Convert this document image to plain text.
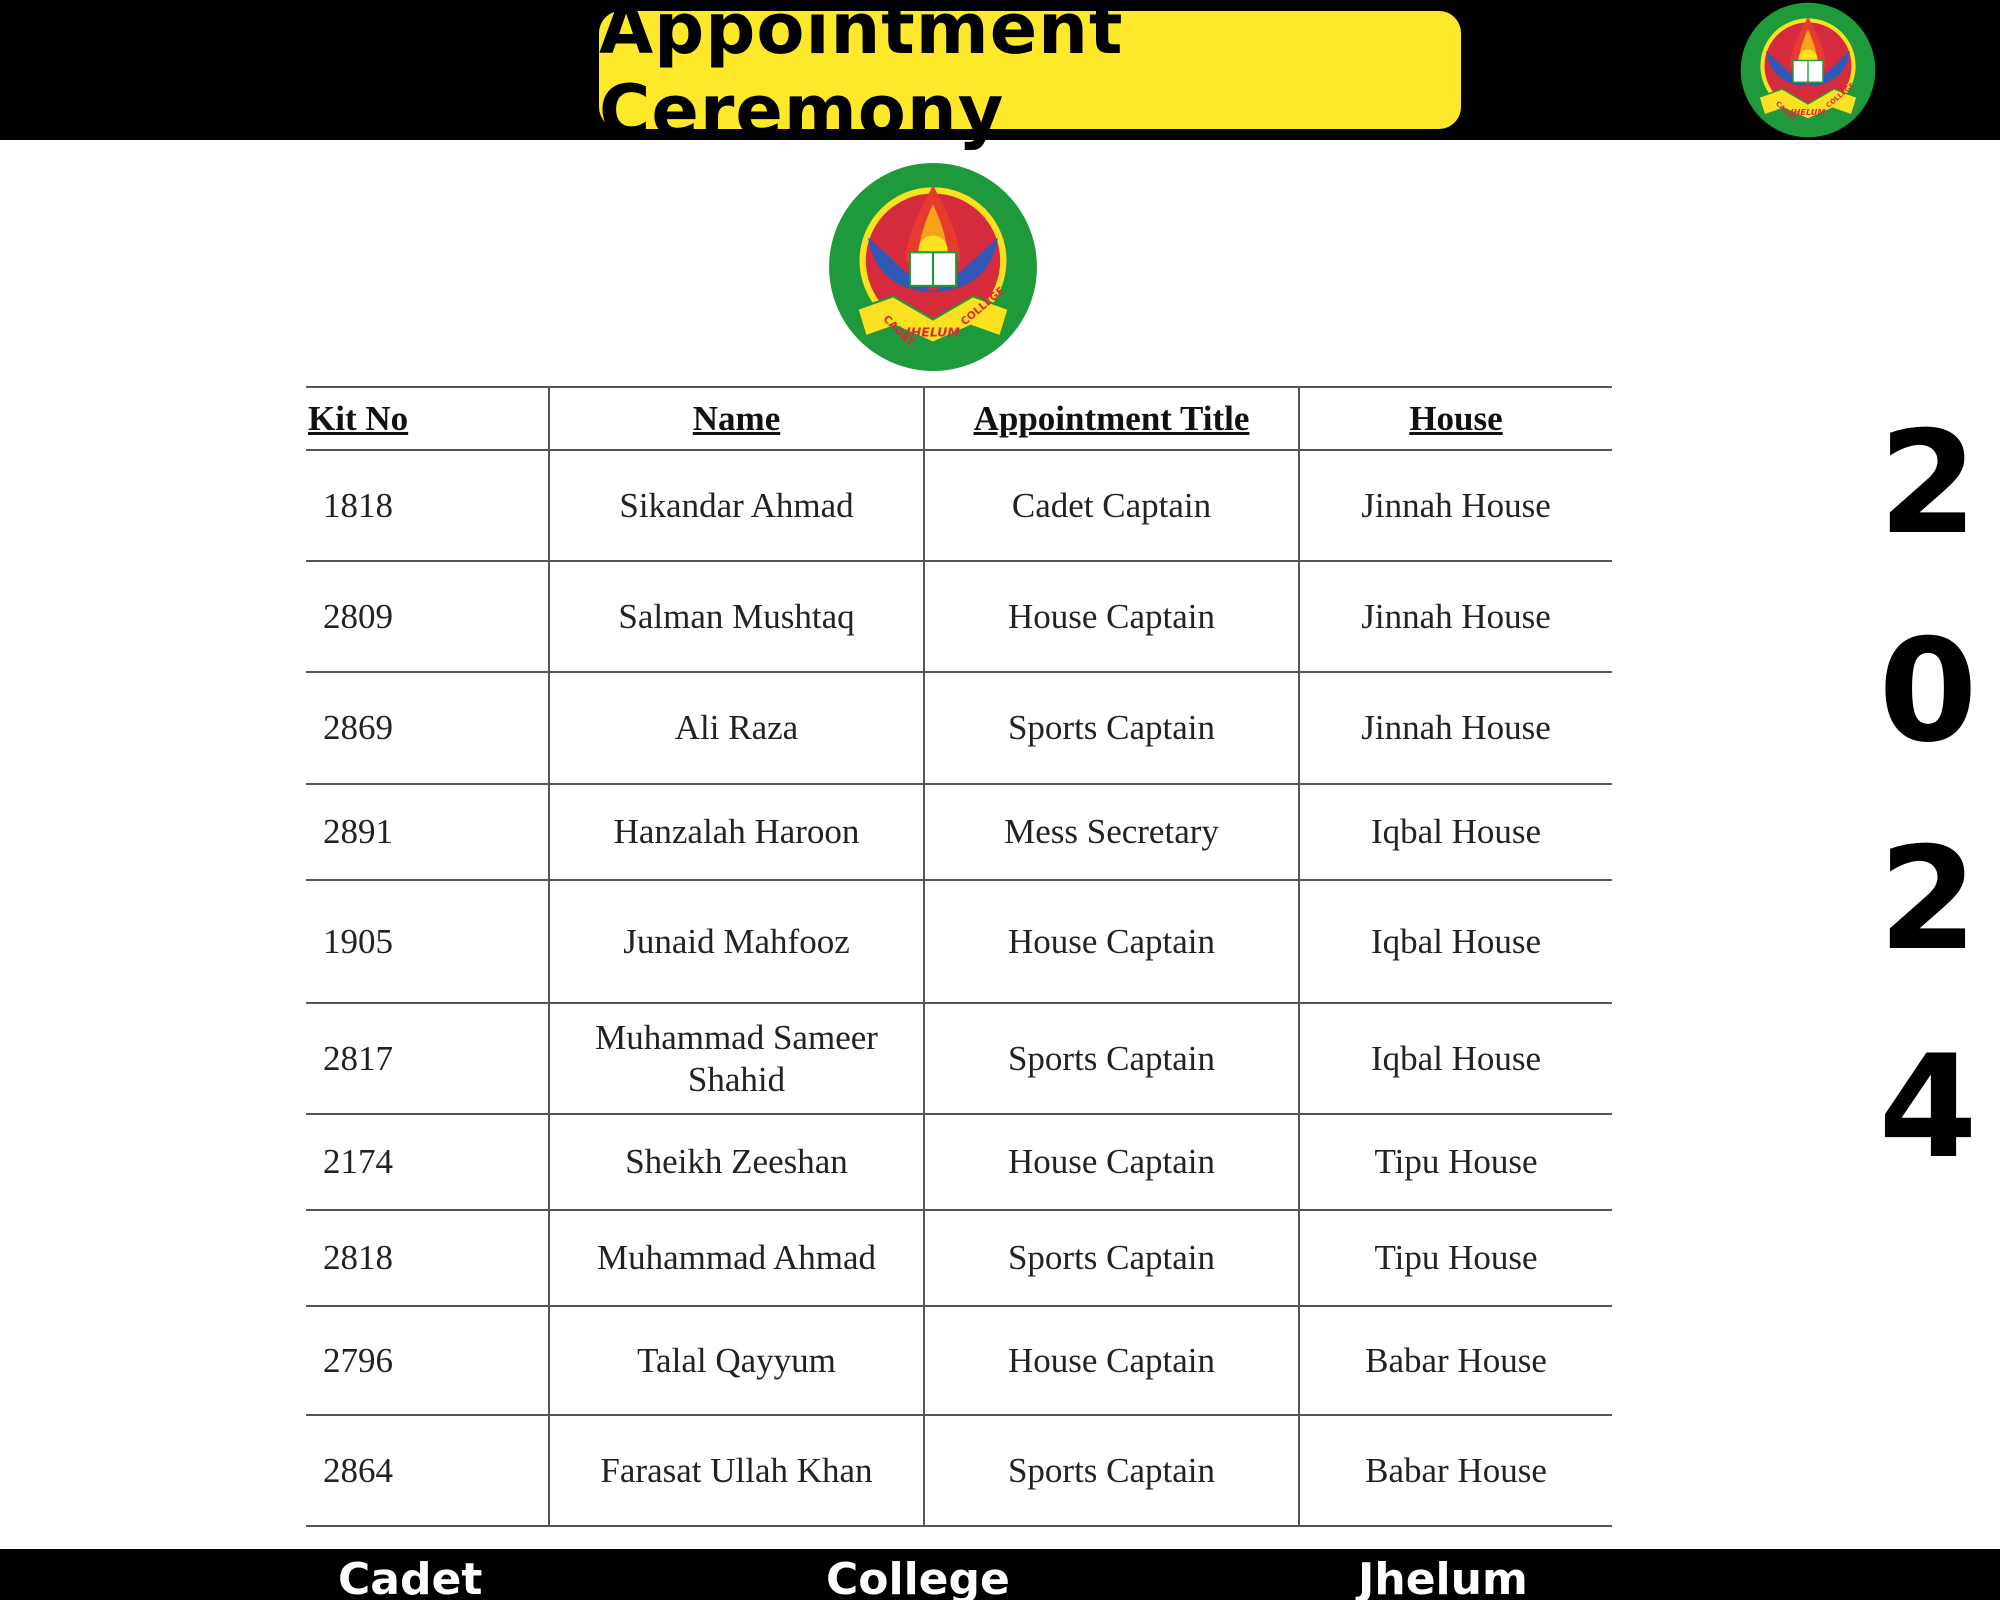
Appointment Ceremony
Kit No	Name	Appointment Title	House
1818	Sikandar Ahmad	Cadet Captain	Jinnah House
2809	Salman Mushtaq	House Captain	Jinnah House
2869	Ali Raza	Sports Captain	Jinnah House
2891	Hanzalah Haroon	Mess Secretary	Iqbal House
1905	Junaid Mahfooz	House Captain	Iqbal House
2817	Muhammad Sameer Shahid	Sports Captain	Iqbal House
2174	Sheikh Zeeshan	House Captain	Tipu House
2818	Muhammad Ahmad	Sports Captain	Tipu House
2796	Talal Qayyum	House Captain	Babar House
2864	Farasat Ullah Khan	Sports Captain	Babar House
2
0
2
4
Cadet	College	Jhelum
